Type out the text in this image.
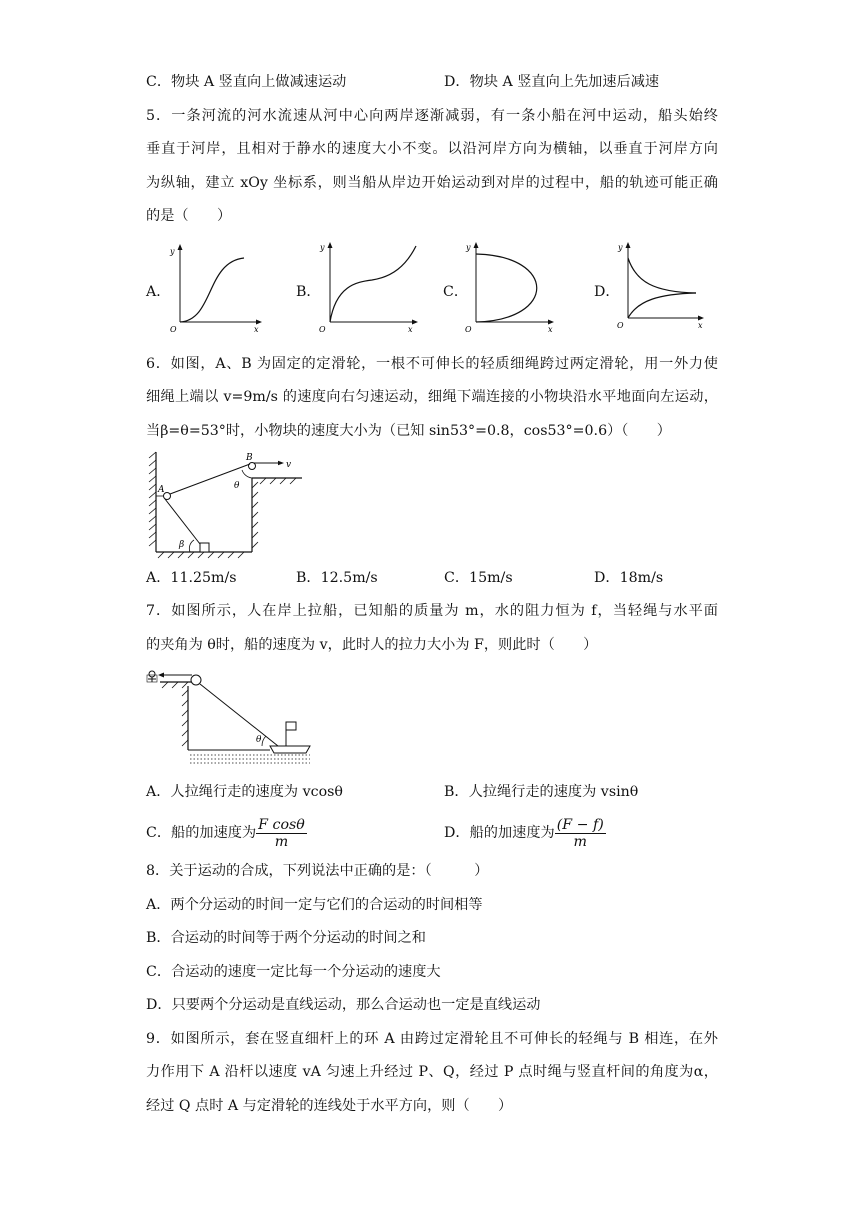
C．物块 A 竖直向上做减速运动	D．物块 A 竖直向上先加速后减速
5．一条河流的河水流速从河中心向两岸逐渐减弱，有一条小船在河中运动，船头始终
垂直于河岸，且相对于静水的速度大小不变。以沿河岸方向为横轴，以垂直于河岸方向
为纵轴，建立 xOy 坐标系，则当船从岸边开始运动到对岸的过程中，船的轨迹可能正确
的是（　　）
A．	B．	C．	D．
y
x
O
y
x
O
y
x
O
y
x
O
6．如图，A、B 为固定的定滑轮，一根不可伸长的轻质细绳跨过两定滑轮，用一外力使
细绳上端以 v=9m/s 的速度向右匀速运动，细绳下端连接的小物块沿水平地面向左运动，
当β=θ=53°时，小物块的速度大小为（已知 sin53°=0.8，cos53°=0.6）（　　）
A
B
v
θ
β
A．11.25m/s	B．12.5m/s	C．15m/s	D．18m/s
7．如图所示，人在岸上拉船，已知船的质量为 m，水的阻力恒为 f，当轻绳与水平面
的夹角为 θ时，船的速度为 v，此时人的拉力大小为 F，则此时（　　）
θ
A．人拉绳行走的速度为 vcosθ	B．人拉绳行走的速度为 vsinθ
C．船的加速度为 $\frac{\text{F cosθ}}{m}$	D．船的加速度为 $\frac{(F - f)}{m}$
8．关于运动的合成，下列说法中正确的是：（　　　）
A．两个分运动的时间一定与它们的合运动的时间相等
B．合运动的时间等于两个分运动的时间之和
C．合运动的速度一定比每一个分运动的速度大
D．只要两个分运动是直线运动，那么合运动也一定是直线运动
9．如图所示，套在竖直细杆上的环 A 由跨过定滑轮且不可伸长的轻绳与 B 相连，在外
力作用下 A 沿杆以速度 vA 匀速上升经过 P、Q，经过 P 点时绳与竖直杆间的角度为α，
经过 Q 点时 A 与定滑轮的连线处于水平方向，则（　　）
